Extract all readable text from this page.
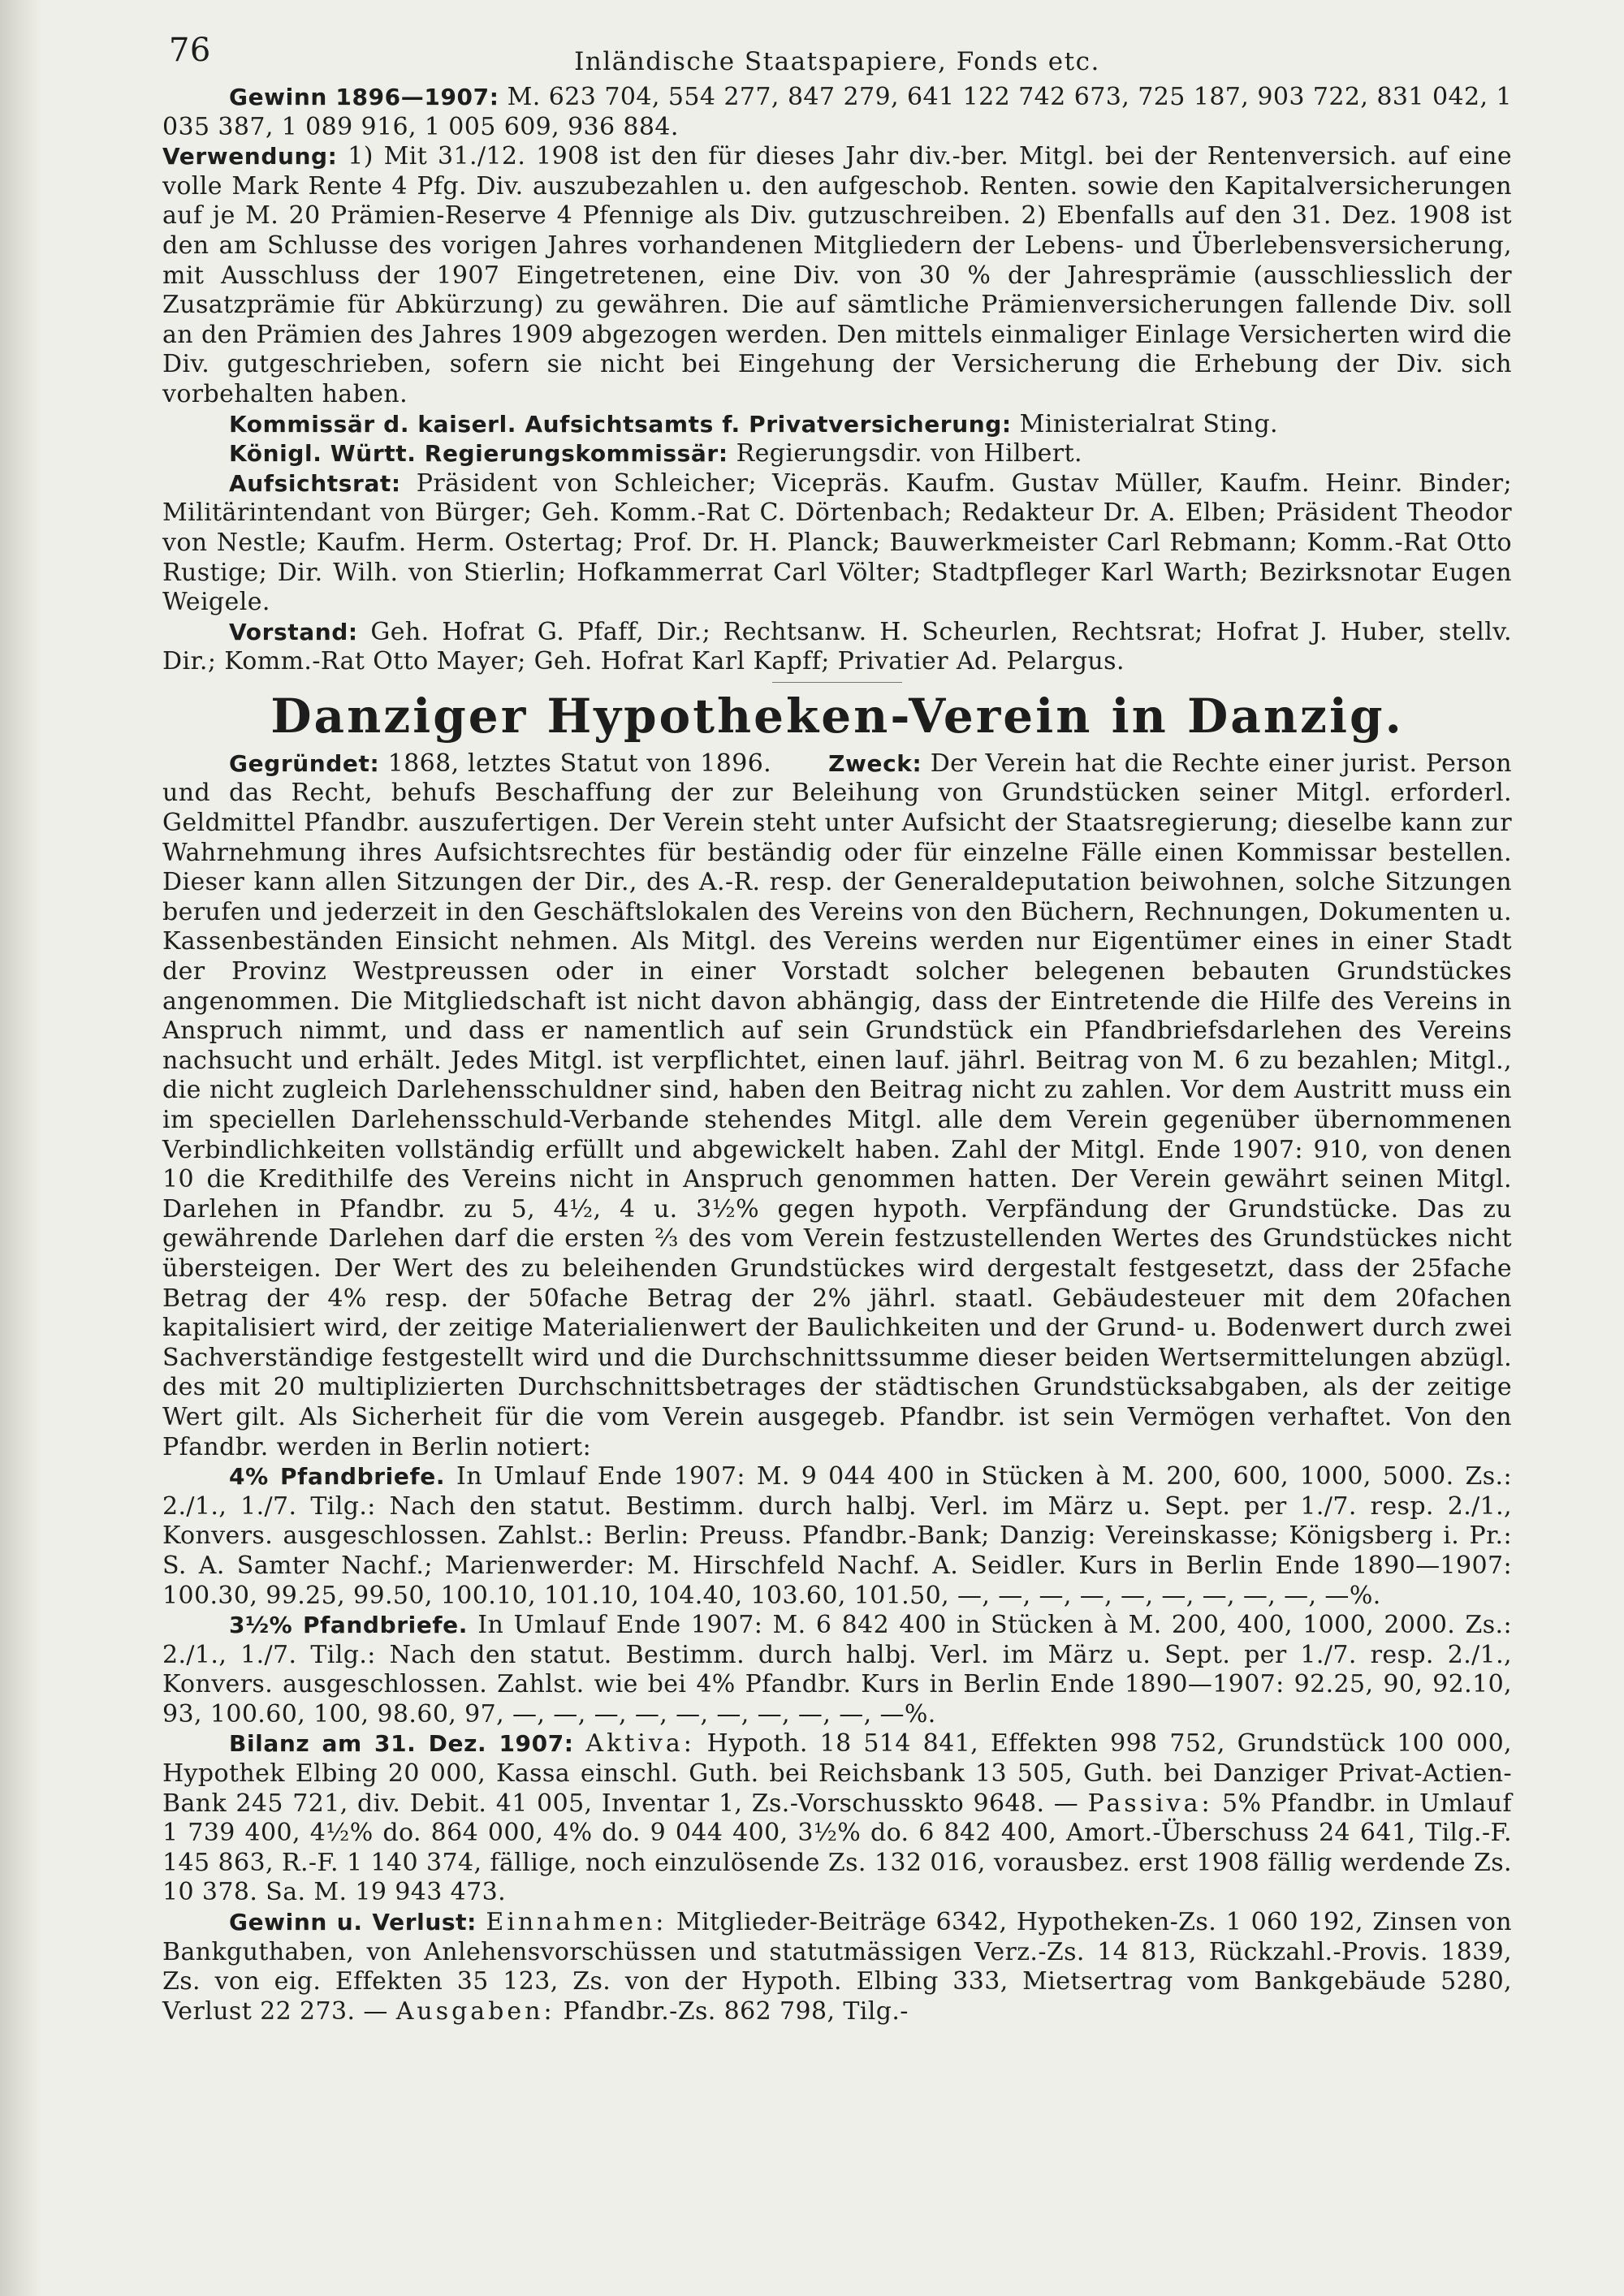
76	Inländische Staatspapiere, Fonds etc.

Gewinn 1896—1907: M. 623 704, 554 277, 847 279, 641 122 742 673, 725 187, 903 722, 831 042, 1 035 387, 1 089 916, 1 005 609, 936 884.

Verwendung: 1) Mit 31./12. 1908 ist den für dieses Jahr div.-ber. Mitgl. bei der Rentenversich. auf eine volle Mark Rente 4 Pfg. Div. auszubezahlen u. den aufgeschob. Renten. sowie den Kapitalversicherungen auf je M. 20 Prämien-Reserve 4 Pfennige als Div. gutzuschreiben. 2) Ebenfalls auf den 31. Dez. 1908 ist den am Schlusse des vorigen Jahres vorhandenen Mitgliedern der Lebens- und Überlebensversicherung, mit Ausschluss der 1907 Eingetretenen, eine Div. von 30 % der Jahresprämie (ausschliesslich der Zusatzprämie für Abkürzung) zu gewähren. Die auf sämtliche Prämienversicherungen fallende Div. soll an den Prämien des Jahres 1909 abgezogen werden. Den mittels einmaliger Einlage Versicherten wird die Div. gutgeschrieben, sofern sie nicht bei Eingehung der Versicherung die Erhebung der Div. sich vorbehalten haben.

Kommissär d. kaiserl. Aufsichtsamts f. Privatversicherung: Ministerialrat Sting.

Königl. Württ. Regierungskommissär: Regierungsdir. von Hilbert.

Aufsichtsrat: Präsident von Schleicher; Vicepräs. Kaufm. Gustav Müller, Kaufm. Heinr. Binder; Militärintendant von Bürger; Geh. Komm.-Rat C. Dörtenbach; Redakteur Dr. A. Elben; Präsident Theodor von Nestle; Kaufm. Herm. Ostertag; Prof. Dr. H. Planck; Bauwerkmeister Carl Rebmann; Komm.-Rat Otto Rustige; Dir. Wilh. von Stierlin; Hofkammerrat Carl Völter; Stadtpfleger Karl Warth; Bezirksnotar Eugen Weigele.

Vorstand: Geh. Hofrat G. Pfaff, Dir.; Rechtsanw. H. Scheurlen, Rechtsrat; Hofrat J. Huber, stellv. Dir.; Komm.-Rat Otto Mayer; Geh. Hofrat Karl Kapff; Privatier Ad. Pelargus.

Danziger Hypotheken-Verein in Danzig.

Gegründet: 1868, letztes Statut von 1896.	Zweck: Der Verein hat die Rechte einer jurist. Person und das Recht, behufs Beschaffung der zur Beleihung von Grundstücken seiner Mitgl. erforderl. Geldmittel Pfandbr. auszufertigen. Der Verein steht unter Aufsicht der Staatsregierung; dieselbe kann zur Wahrnehmung ihres Aufsichtsrechtes für beständig oder für einzelne Fälle einen Kommissar bestellen. Dieser kann allen Sitzungen der Dir., des A.-R. resp. der Generaldeputation beiwohnen, solche Sitzungen berufen und jederzeit in den Geschäftslokalen des Vereins von den Büchern, Rechnungen, Dokumenten u. Kassenbeständen Einsicht nehmen. Als Mitgl. des Vereins werden nur Eigentümer eines in einer Stadt der Provinz Westpreussen oder in einer Vorstadt solcher belegenen bebauten Grundstückes angenommen. Die Mitgliedschaft ist nicht davon abhängig, dass der Eintretende die Hilfe des Vereins in Anspruch nimmt, und dass er namentlich auf sein Grundstück ein Pfandbriefsdarlehen des Vereins nachsucht und erhält. Jedes Mitgl. ist verpflichtet, einen lauf. jährl. Beitrag von M. 6 zu bezahlen; Mitgl., die nicht zugleich Darlehensschuldner sind, haben den Beitrag nicht zu zahlen. Vor dem Austritt muss ein im speciellen Darlehensschuld-Verbande stehendes Mitgl. alle dem Verein gegenüber übernommenen Verbindlichkeiten vollständig erfüllt und abgewickelt haben. Zahl der Mitgl. Ende 1907: 910, von denen 10 die Kredithilfe des Vereins nicht in Anspruch genommen hatten. Der Verein gewährt seinen Mitgl. Darlehen in Pfandbr. zu 5, 4½, 4 u. 3½% gegen hypoth. Verpfändung der Grundstücke. Das zu gewährende Darlehen darf die ersten ⅔ des vom Verein festzustellenden Wertes des Grundstückes nicht übersteigen. Der Wert des zu beleihenden Grundstückes wird dergestalt festgesetzt, dass der 25fache Betrag der 4% resp. der 50fache Betrag der 2% jährl. staatl. Gebäudesteuer mit dem 20fachen kapitalisiert wird, der zeitige Materialienwert der Baulichkeiten und der Grund- u. Bodenwert durch zwei Sachverständige festgestellt wird und die Durchschnittssumme dieser beiden Wertsermittelungen abzügl. des mit 20 multiplizierten Durchschnittsbetrages der städtischen Grundstücksabgaben, als der zeitige Wert gilt. Als Sicherheit für die vom Verein ausgegeb. Pfandbr. ist sein Vermögen verhaftet. Von den Pfandbr. werden in Berlin notiert:

4% Pfandbriefe. In Umlauf Ende 1907: M. 9 044 400 in Stücken à M. 200, 600, 1000, 5000. Zs.: 2./1., 1./7. Tilg.: Nach den statut. Bestimm. durch halbj. Verl. im März u. Sept. per 1./7. resp. 2./1., Konvers. ausgeschlossen. Zahlst.: Berlin: Preuss. Pfandbr.-Bank; Danzig: Vereinskasse; Königsberg i. Pr.: S. A. Samter Nachf.; Marienwerder: M. Hirschfeld Nachf. A. Seidler. Kurs in Berlin Ende 1890—1907: 100.30, 99.25, 99.50, 100.10, 101.10, 104.40, 103.60, 101.50, —, —, —, —, —, —, —, —, —, —%.

3½% Pfandbriefe. In Umlauf Ende 1907: M. 6 842 400 in Stücken à M. 200, 400, 1000, 2000. Zs.: 2./1., 1./7. Tilg.: Nach den statut. Bestimm. durch halbj. Verl. im März u. Sept. per 1./7. resp. 2./1., Konvers. ausgeschlossen. Zahlst. wie bei 4% Pfandbr. Kurs in Berlin Ende 1890—1907: 92.25, 90, 92.10, 93, 100.60, 100, 98.60, 97, —, —, —, —, —, —, —, —, —, —%.

Bilanz am 31. Dez. 1907: Aktiva: Hypoth. 18 514 841, Effekten 998 752, Grundstück 100 000, Hypothek Elbing 20 000, Kassa einschl. Guth. bei Reichsbank 13 505, Guth. bei Danziger Privat-Actien-Bank 245 721, div. Debit. 41 005, Inventar 1, Zs.-Vorschusskto 9648. — Passiva: 5% Pfandbr. in Umlauf 1 739 400, 4½% do. 864 000, 4% do. 9 044 400, 3½% do. 6 842 400, Amort.-Überschuss 24 641, Tilg.-F. 145 863, R.-F. 1 140 374, fällige, noch einzulösende Zs. 132 016, vorausbez. erst 1908 fällig werdende Zs. 10 378. Sa. M. 19 943 473.

Gewinn u. Verlust: Einnahmen: Mitglieder-Beiträge 6342, Hypotheken-Zs. 1 060 192, Zinsen von Bankguthaben, von Anlehensvorschüssen und statutmässigen Verz.-Zs. 14 813, Rückzahl.-Provis. 1839, Zs. von eig. Effekten 35 123, Zs. von der Hypoth. Elbing 333, Mietsertrag vom Bankgebäude 5280, Verlust 22 273. — Ausgaben: Pfandbr.-Zs. 862 798, Tilg.-
